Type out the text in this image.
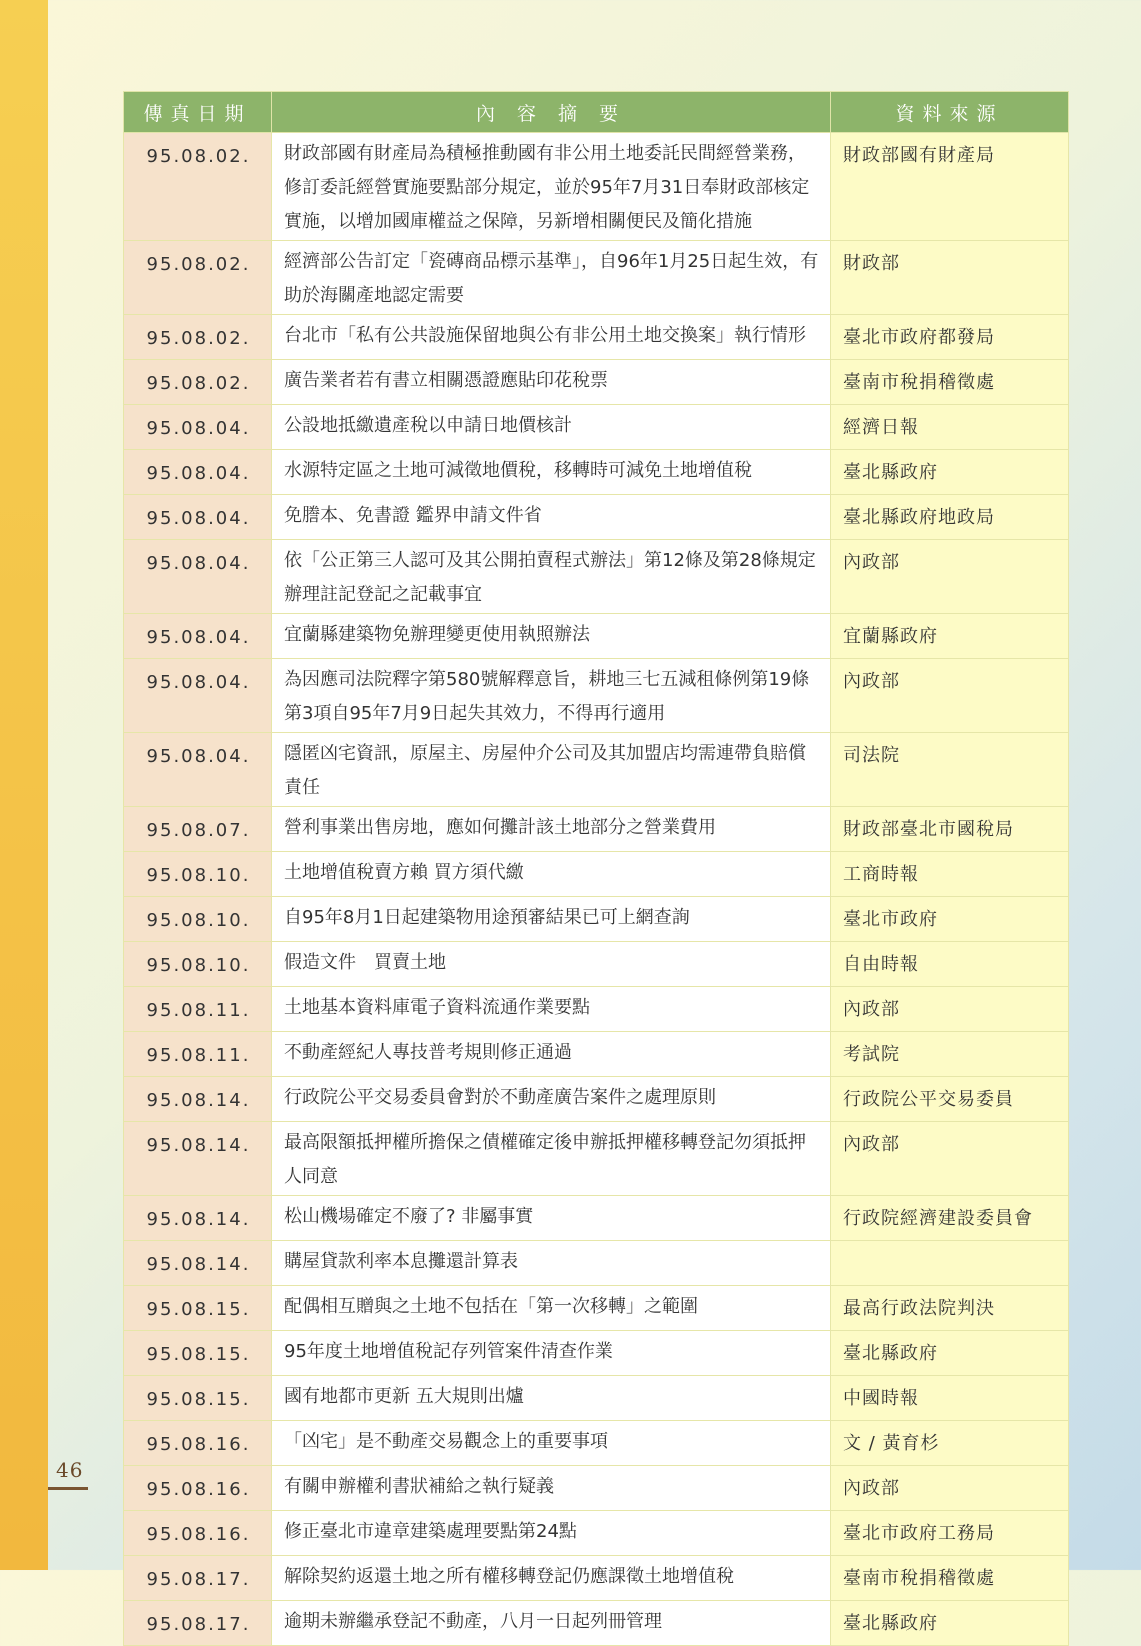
傳真日期	內 容 摘 要	資料來源
95.08.02.	財政部國有財產局為積極推動國有非公用土地委託民間經營業務，修訂委託經營實施要點部分規定，並於95年7月31日奉財政部核定實施，以增加國庫權益之保障，另新增相關便民及簡化措施	財政部國有財產局
95.08.02.	經濟部公告訂定「瓷磚商品標示基準」，自96年1月25日起生效，有助於海關產地認定需要	財政部
95.08.02.	台北市「私有公共設施保留地與公有非公用土地交換案」執行情形	臺北市政府都發局
95.08.02.	廣告業者若有書立相關憑證應貼印花稅票	臺南市稅捐稽徵處
95.08.04.	公設地抵繳遺產稅以申請日地價核計	經濟日報
95.08.04.	水源特定區之土地可減徵地價稅，移轉時可減免土地增值稅	臺北縣政府
95.08.04.	免謄本、免書證 鑑界申請文件省	臺北縣政府地政局
95.08.04.	依「公正第三人認可及其公開拍賣程式辦法」第12條及第28條規定辦理註記登記之記載事宜	內政部
95.08.04.	宜蘭縣建築物免辦理變更使用執照辦法	宜蘭縣政府
95.08.04.	為因應司法院釋字第580號解釋意旨，耕地三七五減租條例第19條第3項自95年7月9日起失其效力，不得再行適用	內政部
95.08.04.	隱匿凶宅資訊，原屋主、房屋仲介公司及其加盟店均需連帶負賠償責任	司法院
95.08.07.	營利事業出售房地，應如何攤計該土地部分之營業費用	財政部臺北市國稅局
95.08.10.	土地增值稅賣方賴 買方須代繳	工商時報
95.08.10.	自95年8月1日起建築物用途預審結果已可上網查詢	臺北市政府
95.08.10.	假造文件　買賣土地	自由時報
95.08.11.	土地基本資料庫電子資料流通作業要點	內政部
95.08.11.	不動產經紀人專技普考規則修正通過	考試院
95.08.14.	行政院公平交易委員會對於不動產廣告案件之處理原則	行政院公平交易委員
95.08.14.	最高限額抵押權所擔保之債權確定後申辦抵押權移轉登記勿須抵押人同意	內政部
95.08.14.	松山機場確定不廢了? 非屬事實	行政院經濟建設委員會
95.08.14.	購屋貸款利率本息攤還計算表	
95.08.15.	配偶相互贈與之土地不包括在「第一次移轉」之範圍	最高行政法院判決
95.08.15.	95年度土地增值稅記存列管案件清查作業	臺北縣政府
95.08.15.	國有地都市更新 五大規則出爐	中國時報
95.08.16.	「凶宅」是不動產交易觀念上的重要事項	文 / 黃育杉
95.08.16.	有關申辦權利書狀補給之執行疑義	內政部
95.08.16.	修正臺北市違章建築處理要點第24點	臺北市政府工務局
95.08.17.	解除契約返還土地之所有權移轉登記仍應課徵土地增值稅	臺南市稅捐稽徵處
95.08.17.	逾期未辦繼承登記不動產，八月一日起列冊管理	臺北縣政府
46
